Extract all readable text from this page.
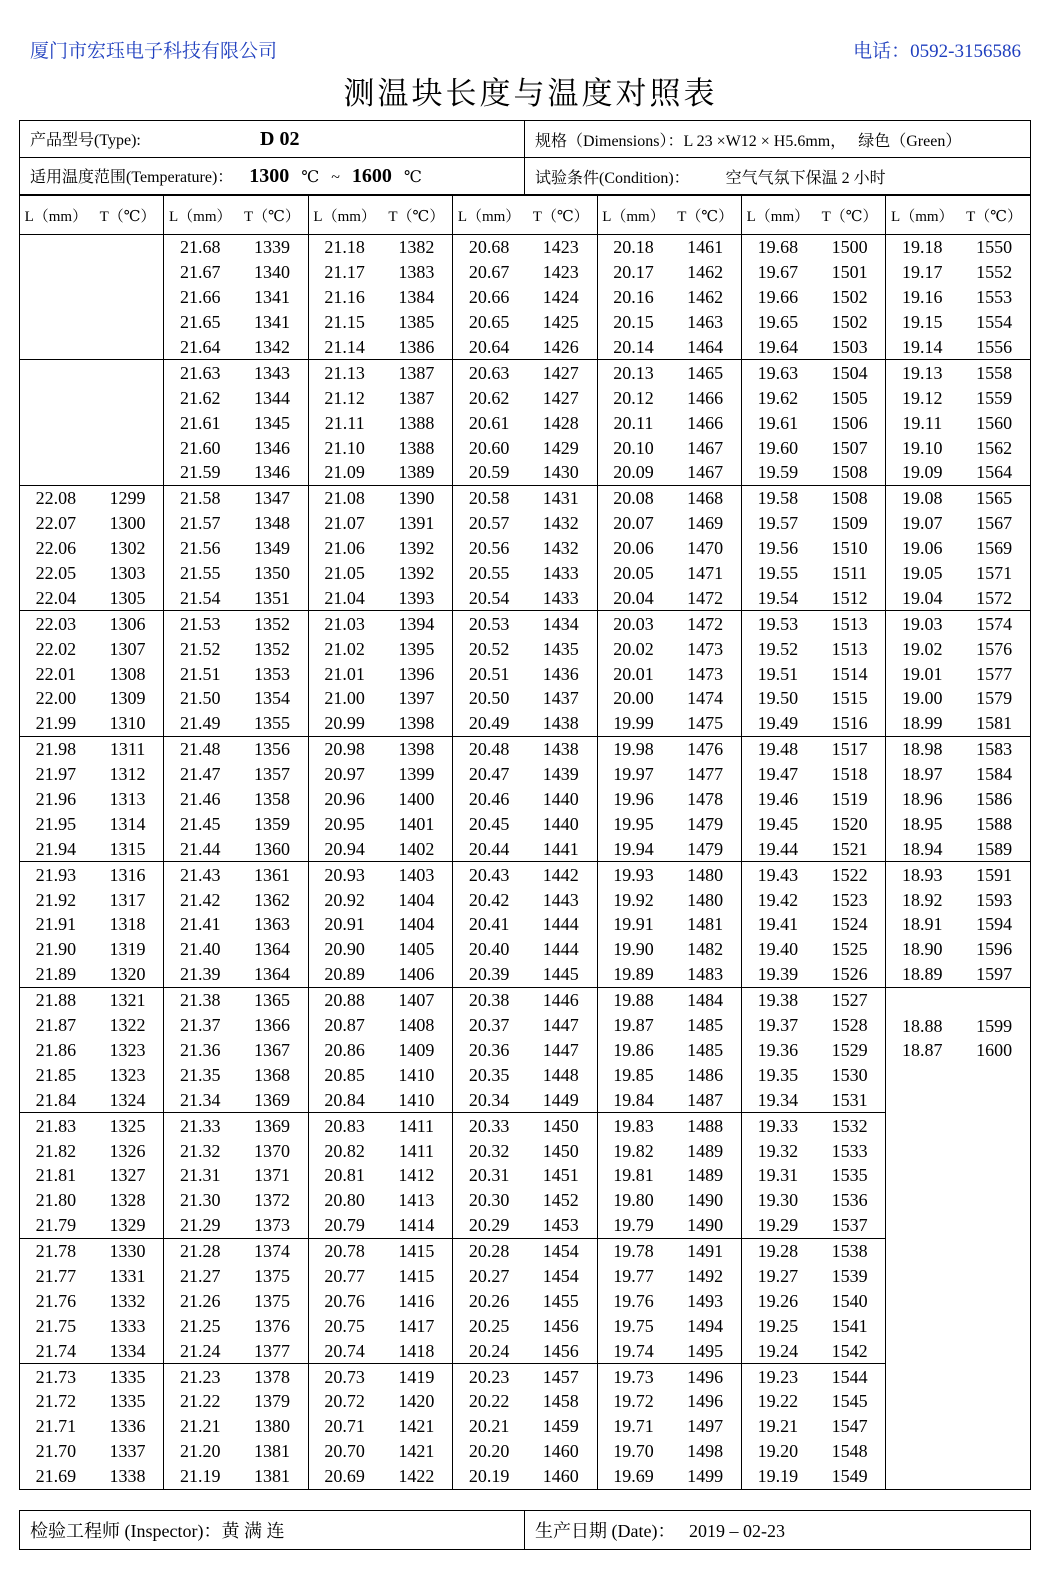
厦门市宏珏电子科技有限公司	电话：0592-3156586
测温块长度与温度对照表
产品型号(Type): D 02	规格（Dimensions）：L 23 ×W12 × H5.6mm， 绿色（Green）
适用温度范围(Temperature)： 1300 ℃ ~ 1600 ℃	试验条件(Condition)： 空气气氛下保温 2 小时
L（mm）	T（℃）	L（mm）	T（℃）	L（mm）	T（℃）	L（mm）	T（℃）	L（mm）	T（℃）	L（mm）	T（℃）	L（mm）	T（℃）
		21.68	1339	21.18	1382	20.68	1423	20.18	1461	19.68	1500	19.18	1550
		21.67	1340	21.17	1383	20.67	1423	20.17	1462	19.67	1501	19.17	1552
		21.66	1341	21.16	1384	20.66	1424	20.16	1462	19.66	1502	19.16	1553
		21.65	1341	21.15	1385	20.65	1425	20.15	1463	19.65	1502	19.15	1554
		21.64	1342	21.14	1386	20.64	1426	20.14	1464	19.64	1503	19.14	1556
		21.63	1343	21.13	1387	20.63	1427	20.13	1465	19.63	1504	19.13	1558
		21.62	1344	21.12	1387	20.62	1427	20.12	1466	19.62	1505	19.12	1559
		21.61	1345	21.11	1388	20.61	1428	20.11	1466	19.61	1506	19.11	1560
		21.60	1346	21.10	1388	20.60	1429	20.10	1467	19.60	1507	19.10	1562
		21.59	1346	21.09	1389	20.59	1430	20.09	1467	19.59	1508	19.09	1564
22.08	1299	21.58	1347	21.08	1390	20.58	1431	20.08	1468	19.58	1508	19.08	1565
22.07	1300	21.57	1348	21.07	1391	20.57	1432	20.07	1469	19.57	1509	19.07	1567
22.06	1302	21.56	1349	21.06	1392	20.56	1432	20.06	1470	19.56	1510	19.06	1569
22.05	1303	21.55	1350	21.05	1392	20.55	1433	20.05	1471	19.55	1511	19.05	1571
22.04	1305	21.54	1351	21.04	1393	20.54	1433	20.04	1472	19.54	1512	19.04	1572
22.03	1306	21.53	1352	21.03	1394	20.53	1434	20.03	1472	19.53	1513	19.03	1574
22.02	1307	21.52	1352	21.02	1395	20.52	1435	20.02	1473	19.52	1513	19.02	1576
22.01	1308	21.51	1353	21.01	1396	20.51	1436	20.01	1473	19.51	1514	19.01	1577
22.00	1309	21.50	1354	21.00	1397	20.50	1437	20.00	1474	19.50	1515	19.00	1579
21.99	1310	21.49	1355	20.99	1398	20.49	1438	19.99	1475	19.49	1516	18.99	1581
21.98	1311	21.48	1356	20.98	1398	20.48	1438	19.98	1476	19.48	1517	18.98	1583
21.97	1312	21.47	1357	20.97	1399	20.47	1439	19.97	1477	19.47	1518	18.97	1584
21.96	1313	21.46	1358	20.96	1400	20.46	1440	19.96	1478	19.46	1519	18.96	1586
21.95	1314	21.45	1359	20.95	1401	20.45	1440	19.95	1479	19.45	1520	18.95	1588
21.94	1315	21.44	1360	20.94	1402	20.44	1441	19.94	1479	19.44	1521	18.94	1589
21.93	1316	21.43	1361	20.93	1403	20.43	1442	19.93	1480	19.43	1522	18.93	1591
21.92	1317	21.42	1362	20.92	1404	20.42	1443	19.92	1480	19.42	1523	18.92	1593
21.91	1318	21.41	1363	20.91	1404	20.41	1444	19.91	1481	19.41	1524	18.91	1594
21.90	1319	21.40	1364	20.90	1405	20.40	1444	19.90	1482	19.40	1525	18.90	1596
21.89	1320	21.39	1364	20.89	1406	20.39	1445	19.89	1483	19.39	1526	18.89	1597
21.88	1321	21.38	1365	20.88	1407	20.38	1446	19.88	1484	19.38	1527		
21.87	1322	21.37	1366	20.87	1408	20.37	1447	19.87	1485	19.37	1528	18.88	1599
21.86	1323	21.36	1367	20.86	1409	20.36	1447	19.86	1485	19.36	1529	18.87	1600
21.85	1323	21.35	1368	20.85	1410	20.35	1448	19.85	1486	19.35	1530		
21.84	1324	21.34	1369	20.84	1410	20.34	1449	19.84	1487	19.34	1531		
21.83	1325	21.33	1369	20.83	1411	20.33	1450	19.83	1488	19.33	1532		
21.82	1326	21.32	1370	20.82	1411	20.32	1450	19.82	1489	19.32	1533		
21.81	1327	21.31	1371	20.81	1412	20.31	1451	19.81	1489	19.31	1535		
21.80	1328	21.30	1372	20.80	1413	20.30	1452	19.80	1490	19.30	1536		
21.79	1329	21.29	1373	20.79	1414	20.29	1453	19.79	1490	19.29	1537		
21.78	1330	21.28	1374	20.78	1415	20.28	1454	19.78	1491	19.28	1538		
21.77	1331	21.27	1375	20.77	1415	20.27	1454	19.77	1492	19.27	1539		
21.76	1332	21.26	1375	20.76	1416	20.26	1455	19.76	1493	19.26	1540		
21.75	1333	21.25	1376	20.75	1417	20.25	1456	19.75	1494	19.25	1541		
21.74	1334	21.24	1377	20.74	1418	20.24	1456	19.74	1495	19.24	1542		
21.73	1335	21.23	1378	20.73	1419	20.23	1457	19.73	1496	19.23	1544		
21.72	1335	21.22	1379	20.72	1420	20.22	1458	19.72	1496	19.22	1545		
21.71	1336	21.21	1380	20.71	1421	20.21	1459	19.71	1497	19.21	1547		
21.70	1337	21.20	1381	20.70	1421	20.20	1460	19.70	1498	19.20	1548		
21.69	1338	21.19	1381	20.69	1422	20.19	1460	19.69	1499	19.19	1549		
检验工程师 (Inspector)：黄 满 连	生产日期 (Date)： 2019 – 02-23
